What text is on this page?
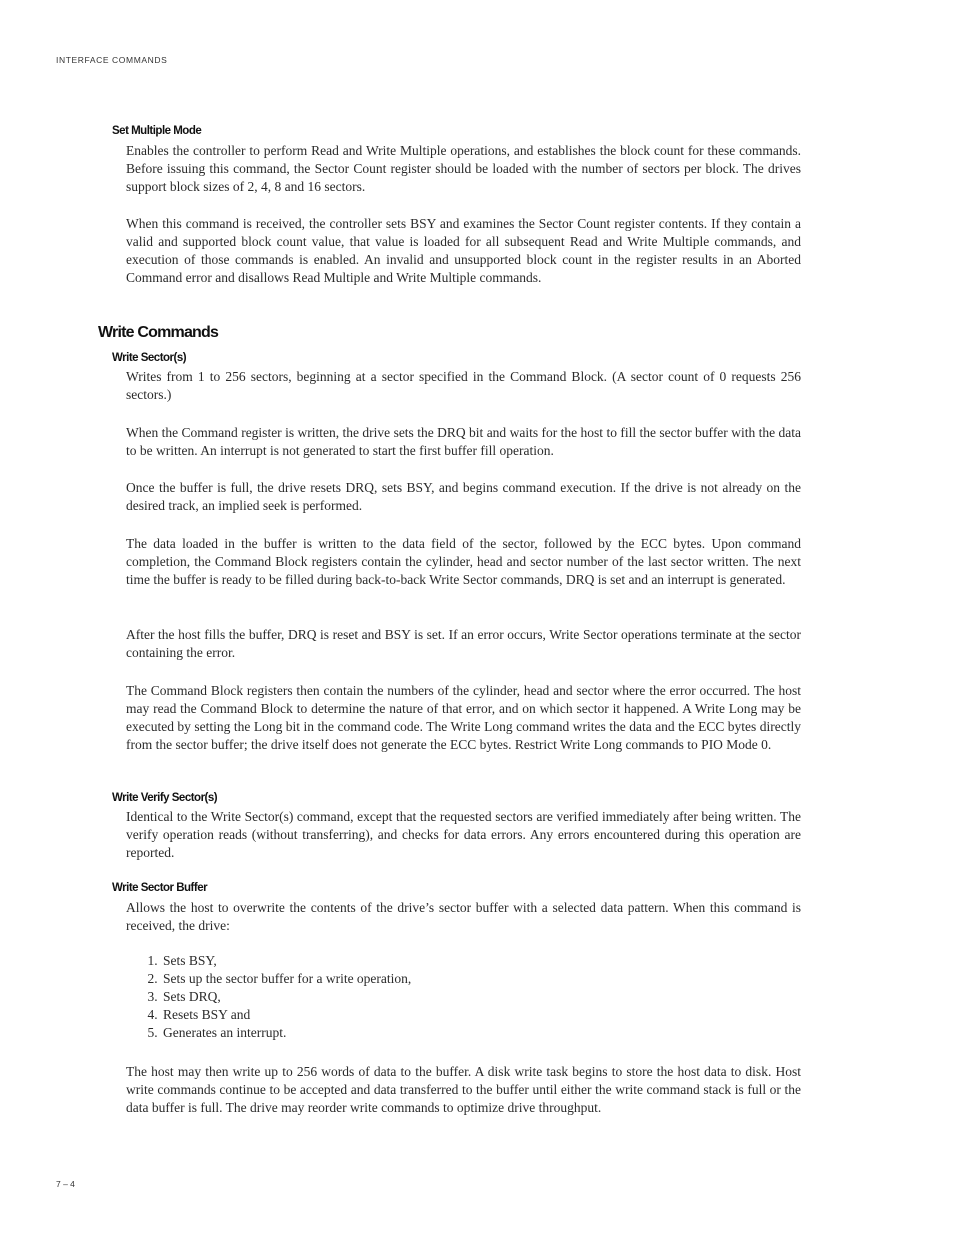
INTERFACE COMMANDS
Set Multiple Mode

Enables the controller to perform Read and Write Multiple operations, and establishes the block count for these commands. Before issuing this command, the Sector Count register should be loaded with the number of sectors per block. The drives support block sizes of 2, 4, 8 and 16 sectors.

When this command is received, the controller sets BSY and examines the Sector Count register contents. If they contain a valid and supported block count value, that value is loaded for all subsequent Read and Write Multiple commands, and execution of those commands is enabled. An invalid and unsupported block count in the register results in an Aborted Command error and disallows Read Multiple and Write Multiple commands.

Write Commands
Write Sector(s)

Writes from 1 to 256 sectors, beginning at a sector specified in the Command Block. (A sector count of 0 requests 256 sectors.)

When the Command register is written, the drive sets the DRQ bit and waits for the host to fill the sector buffer with the data to be written. An interrupt is not generated to start the first buffer fill operation.

Once the buffer is full, the drive resets DRQ, sets BSY, and begins command execution. If the drive is not already on the desired track, an implied seek is performed.

The data loaded in the buffer is written to the data field of the sector, followed by the ECC bytes. Upon command completion, the Command Block registers contain the cylinder, head and sector number of the last sector written. The next time the buffer is ready to be filled during back-to-back Write Sector commands, DRQ is set and an interrupt is generated.

After the host fills the buffer, DRQ is reset and BSY is set. If an error occurs, Write Sector operations terminate at the sector containing the error.

The Command Block registers then contain the numbers of the cylinder, head and sector where the error occurred. The host may read the Command Block to determine the nature of that error, and on which sector it happened. A Write Long may be executed by setting the Long bit in the command code. The Write Long command writes the data and the ECC bytes directly from the sector buffer; the drive itself does not generate the ECC bytes. Restrict Write Long commands to PIO Mode 0.

Write Verify Sector(s)

Identical to the Write Sector(s) command, except that the requested sectors are verified immediately after being written. The verify operation reads (without transferring), and checks for data errors. Any errors encountered during this operation are reported.

Write Sector Buffer

Allows the host to overwrite the contents of the drive’s sector buffer with a selected data pattern. When this command is received, the drive:

1. Sets BSY,
2. Sets up the sector buffer for a write operation,
3. Sets DRQ,
4. Resets BSY and
5. Generates an interrupt.

The host may then write up to 256 words of data to the buffer. A disk write task begins to store the host data to disk. Host write commands continue to be accepted and data transferred to the buffer until either the write command stack is full or the data buffer is full. The drive may reorder write commands to optimize drive throughput.

7 – 4
